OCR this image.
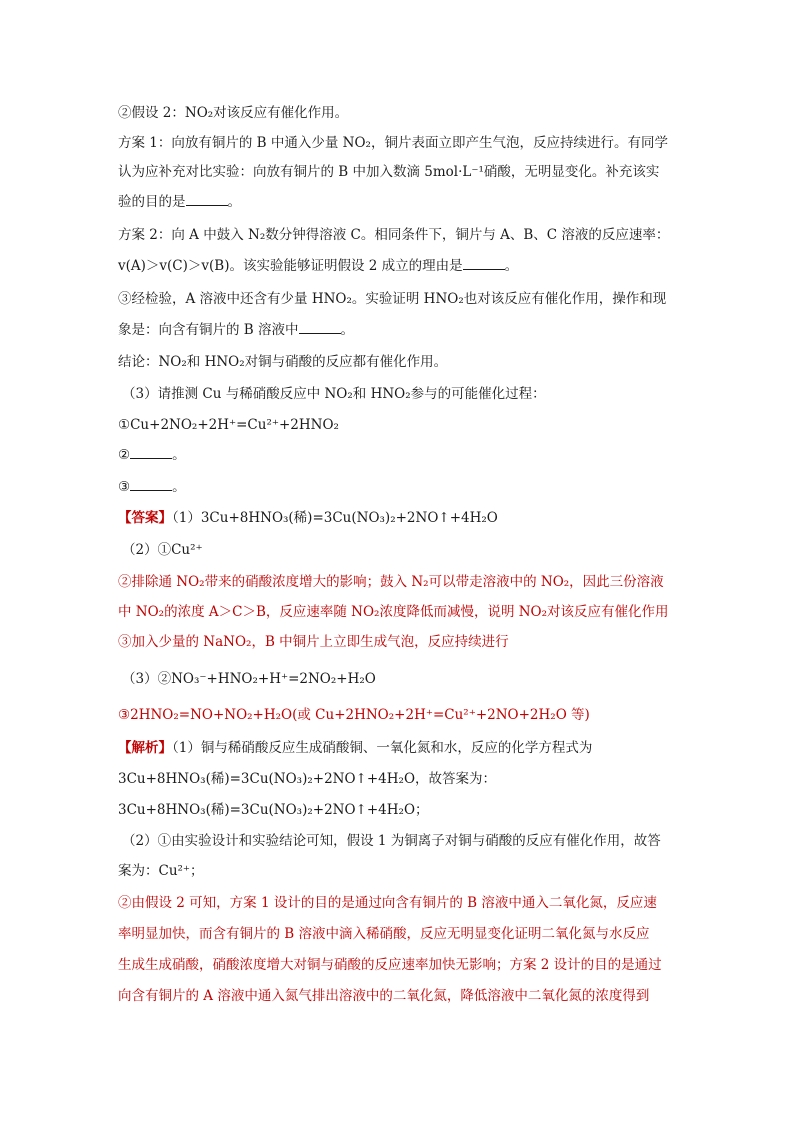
②假设 2：NO₂对该反应有催化作用。
方案 1：向放有铜片的 B 中通入少量 NO₂，铜片表面立即产生气泡，反应持续进行。有同学
认为应补充对比实验：向放有铜片的 B 中加入数滴 5mol·L⁻¹硝酸，无明显变化。补充该实
验的目的是	。
方案 2：向 A 中鼓入 N₂数分钟得溶液 C。相同条件下，铜片与 A、B、C 溶液的反应速率：
v(A)＞v(C)＞v(B)。该实验能够证明假设 2 成立的理由是	。
③经检验，A 溶液中还含有少量 HNO₂。实验证明 HNO₂也对该反应有催化作用，操作和现
象是：向含有铜片的 B 溶液中	。
结论：NO₂和 HNO₂对铜与硝酸的反应都有催化作用。
（3）请推测 Cu 与稀硝酸反应中 NO₂和 HNO₂参与的可能催化过程：
①Cu+2NO₂+2H⁺=Cu²⁺+2HNO₂
②	。
③	。
【答案】（1）3Cu+8HNO₃(稀)=3Cu(NO₃)₂+2NO↑+4H₂O
（2）①Cu²⁺
②排除通 NO₂带来的硝酸浓度增大的影响；鼓入 N₂可以带走溶液中的 NO₂，因此三份溶液
中 NO₂的浓度 A＞C＞B，反应速率随 NO₂浓度降低而减慢，说明 NO₂对该反应有催化作用
③加入少量的 NaNO₂，B 中铜片上立即生成气泡，反应持续进行
（3）②NO₃⁻+HNO₂+H⁺=2NO₂+H₂O
③2HNO₂=NO+NO₂+H₂O(或 Cu+2HNO₂+2H⁺=Cu²⁺+2NO+2H₂O 等)
【解析】（1）铜与稀硝酸反应生成硝酸铜、一氧化氮和水，反应的化学方程式为
3Cu+8HNO₃(稀)=3Cu(NO₃)₂+2NO↑+4H₂O，故答案为：
3Cu+8HNO₃(稀)=3Cu(NO₃)₂+2NO↑+4H₂O；
（2）①由实验设计和实验结论可知，假设 1 为铜离子对铜与硝酸的反应有催化作用，故答
案为：Cu²⁺；
②由假设 2 可知，方案 1 设计的目的是通过向含有铜片的 B 溶液中通入二氧化氮，反应速
率明显加快，而含有铜片的 B 溶液中滴入稀硝酸，反应无明显变化证明二氧化氮与水反应
生成生成硝酸，硝酸浓度增大对铜与硝酸的反应速率加快无影响；方案 2 设计的目的是通过
向含有铜片的 A 溶液中通入氮气排出溶液中的二氧化氮，降低溶液中二氧化氮的浓度得到
